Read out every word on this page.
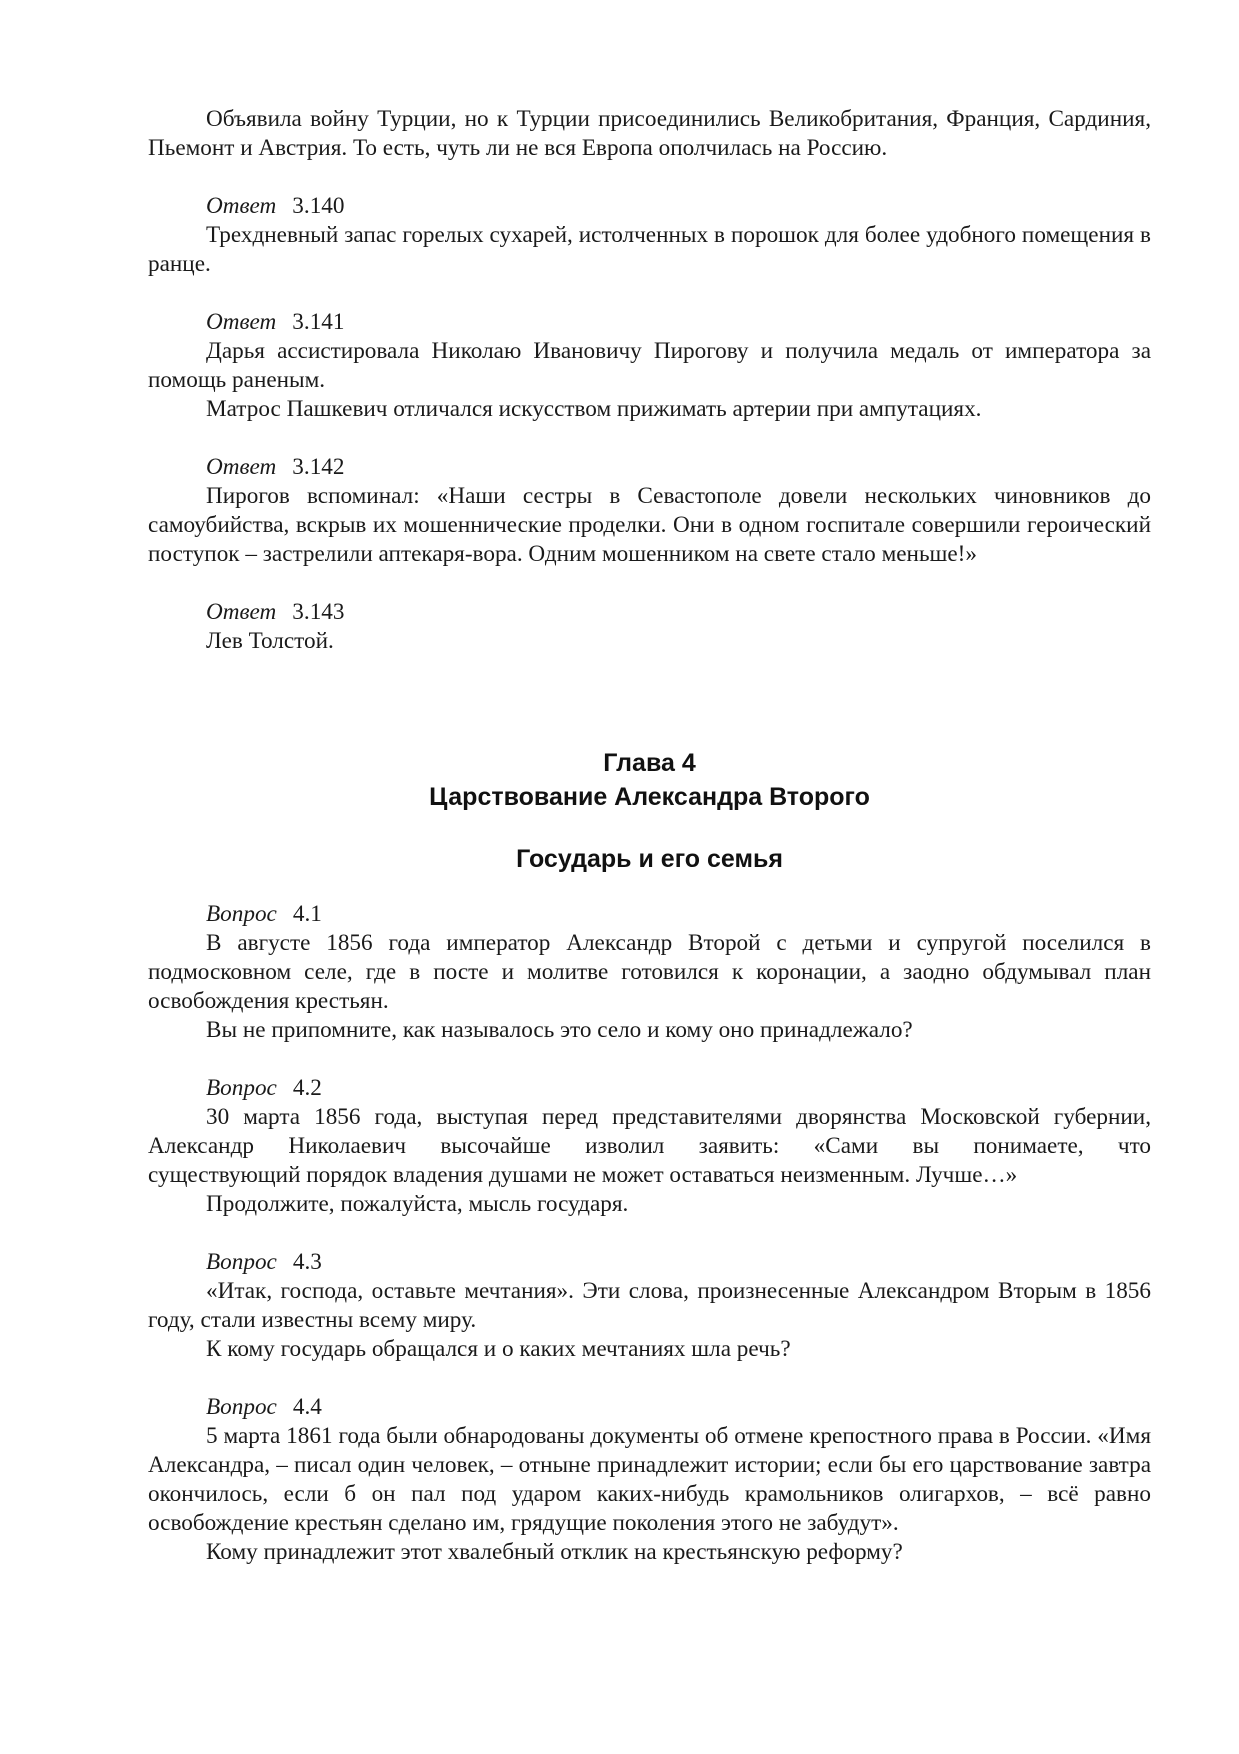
Объявила войну Турции, но к Турции присоединились Великобритания, Франция, Сардиния, Пьемонт и Австрия. То есть, чуть ли не вся Европа ополчилась на Россию.

Ответ 3.140

Трехдневный запас горелых сухарей, истолченных в порошок для более удобного помещения в ранце.

Ответ 3.141

Дарья ассистировала Николаю Ивановичу Пирогову и получила медаль от императора за помощь раненым.

Матрос Пашкевич отличался искусством прижимать артерии при ампутациях.

Ответ 3.142

Пирогов вспоминал: «Наши сестры в Севастополе довели нескольких чиновников до самоубийства, вскрыв их мошеннические проделки. Они в одном госпитале совершили героический поступок – застрелили аптекаря-вора. Одним мошенником на свете стало меньше!»

Ответ 3.143

Лев Толстой.

Глава 4

Царствование Александра Второго

Государь и его семья

Вопрос 4.1

В августе 1856 года император Александр Второй с детьми и супругой поселился в подмосковном селе, где в посте и молитве готовился к коронации, а заодно обдумывал план освобождения крестьян.

Вы не припомните, как называлось это село и кому оно принадлежало?

Вопрос 4.2

30 марта 1856 года, выступая перед представителями дворянства Московской губернии, Александр Николаевич высочайше изволил заявить: «Сами вы понимаете, что

существующий порядок владения душами не может оставаться неизменным. Лучше…»

Продолжите, пожалуйста, мысль государя.

Вопрос 4.3

«Итак, господа, оставьте мечтания». Эти слова, произнесенные Александром Вторым в 1856 году, стали известны всему миру.

К кому государь обращался и о каких мечтаниях шла речь?

Вопрос 4.4

5 марта 1861 года были обнародованы документы об отмене крепостного права в России. «Имя Александра, – писал один человек, – отныне принадлежит истории; если бы его царствование завтра окончилось, если б он пал под ударом каких-нибудь крамольников олигархов, – всё равно освобождение крестьян сделано им, грядущие поколения этого не забудут».

Кому принадлежит этот хвалебный отклик на крестьянскую реформу?
